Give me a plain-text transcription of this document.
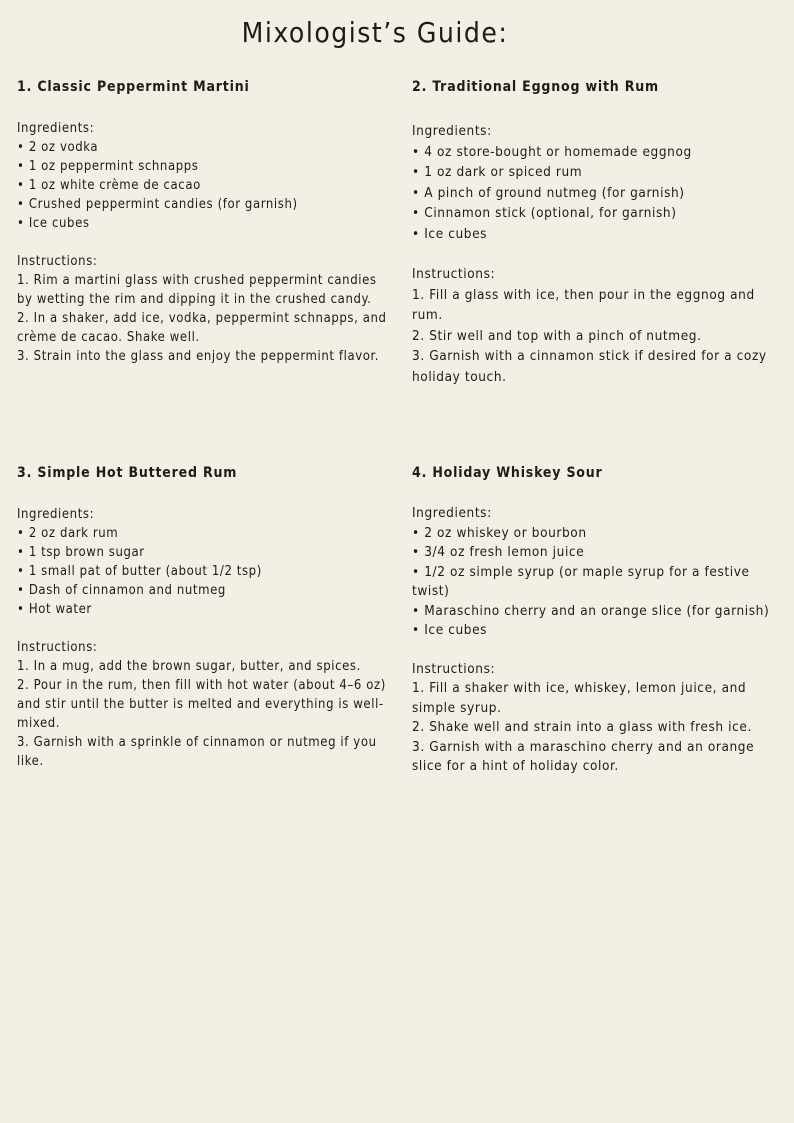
Mixologist’s Guide:
1. Classic Peppermint Martini

Ingredients:

• 2 oz vodka
• 1 oz peppermint schnapps
• 1 oz white crème de cacao
• Crushed peppermint candies (for garnish)
• Ice cubes

Instructions:

1. Rim a martini glass with crushed peppermint candies by wetting the rim and dipping it in the crushed candy.
2. In a shaker, add ice, vodka, peppermint schnapps, and crème de cacao. Shake well.
3. Strain into the glass and enjoy the peppermint flavor.
2. Traditional Eggnog with Rum

Ingredients:

• 4 oz store-bought or homemade eggnog
• 1 oz dark or spiced rum
• A pinch of ground nutmeg (for garnish)
• Cinnamon stick (optional, for garnish)
• Ice cubes

Instructions:

1. Fill a glass with ice, then pour in the eggnog and rum.
2. Stir well and top with a pinch of nutmeg.
3. Garnish with a cinnamon stick if desired for a cozy holiday touch.
3. Simple Hot Buttered Rum

Ingredients:

• 2 oz dark rum
• 1 tsp brown sugar
• 1 small pat of butter (about 1/2 tsp)
• Dash of cinnamon and nutmeg
• Hot water

Instructions:

1. In a mug, add the brown sugar, butter, and spices.
2. Pour in the rum, then fill with hot water (about 4–6 oz) and stir until the butter is melted and everything is well-mixed.
3. Garnish with a sprinkle of cinnamon or nutmeg if you like.
4. Holiday Whiskey Sour

Ingredients:

• 2 oz whiskey or bourbon
• 3/4 oz fresh lemon juice
• 1/2 oz simple syrup (or maple syrup for a festive twist)
• Maraschino cherry and an orange slice (for garnish)
• Ice cubes

Instructions:

1. Fill a shaker with ice, whiskey, lemon juice, and simple syrup.
2. Shake well and strain into a glass with fresh ice.
3. Garnish with a maraschino cherry and an orange slice for a hint of holiday color.
